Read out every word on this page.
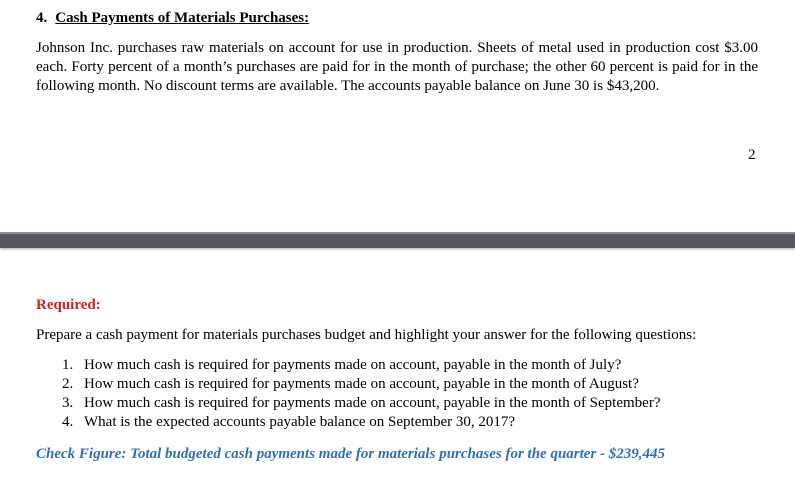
4. Cash Payments of Materials Purchases:
Johnson Inc. purchases raw materials on account for use in production. Sheets of metal used in production cost $3.00 each. Forty percent of a month’s purchases are paid for in the month of purchase; the other 60 percent is paid for in the following month. No discount terms are available. The accounts payable balance on June 30 is $43,200.
2
Required:
Prepare a cash payment for materials purchases budget and highlight your answer for the following questions:
1. How much cash is required for payments made on account, payable in the month of July?
2. How much cash is required for payments made on account, payable in the month of August?
3. How much cash is required for payments made on account, payable in the month of September?
4. What is the expected accounts payable balance on September 30, 2017?
Check Figure: Total budgeted cash payments made for materials purchases for the quarter - $239,445
